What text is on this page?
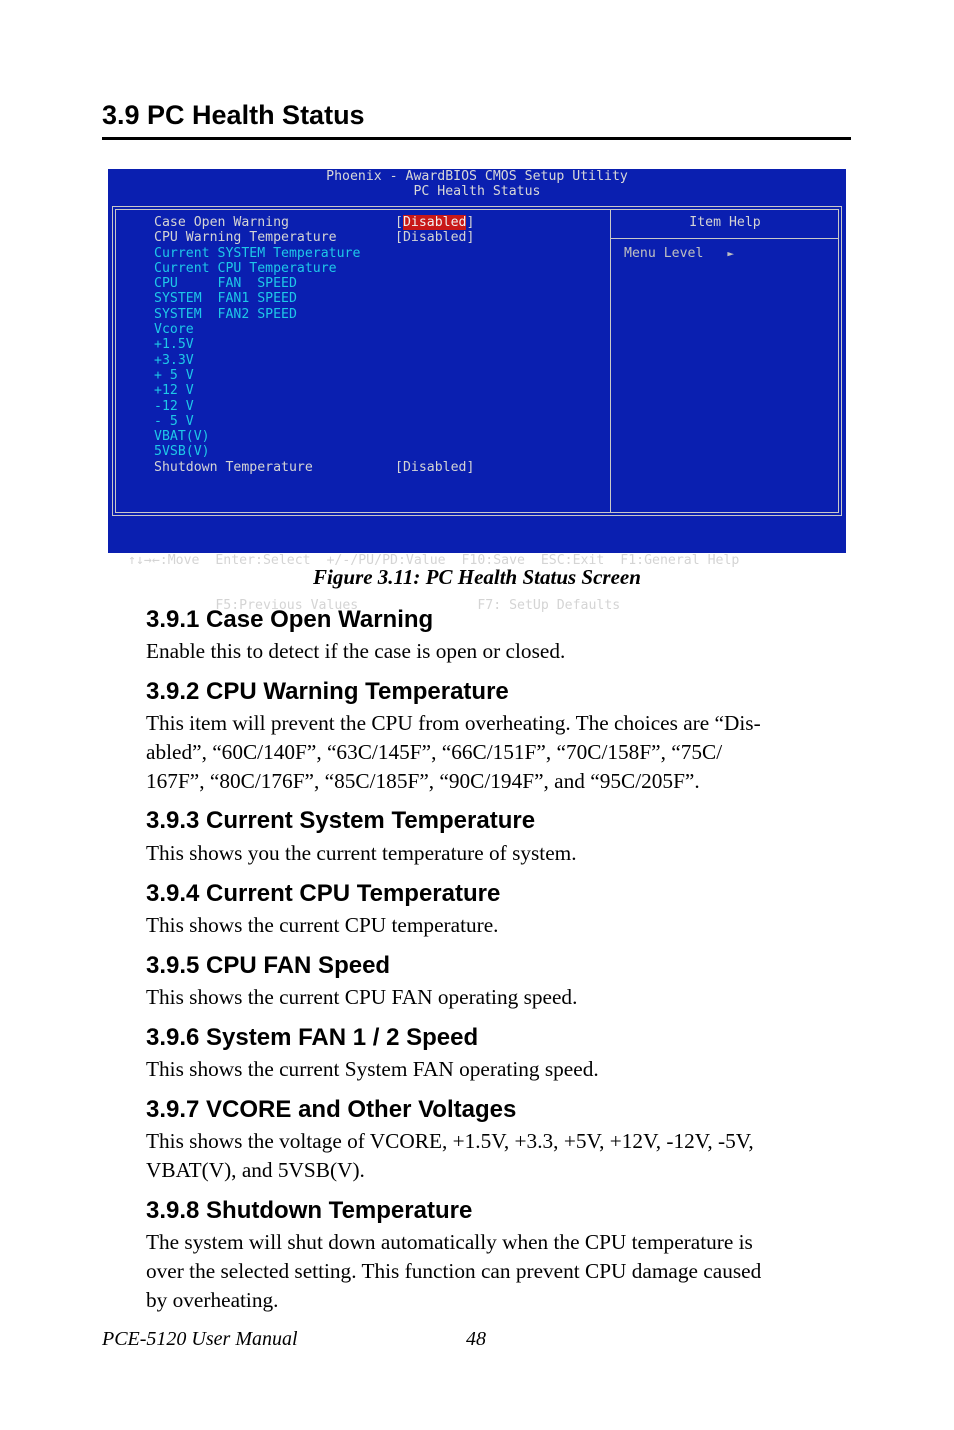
3.9 PC Health Status
Phoenix - AwardBIOS CMOS Setup Utility
PC Health Status
Case Open Warning	[Disabled]
CPU Warning Temperature	[Disabled]
Current SYSTEM Temperature
Current CPU Temperature
CPU     FAN  SPEED
SYSTEM  FAN1 SPEED
SYSTEM  FAN2 SPEED
Vcore
+1.5V
+3.3V
+ 5 V
+12 V
-12 V
- 5 V
VBAT(V)
5VSB(V)
Shutdown Temperature	[Disabled]
Item Help
Menu Level ►

↑↓→←:Move  Enter:Select  +/-/PU/PD:Value  F10:Save  ESC:Exit  F1:General Help

F5:Previous Values               F7: SetUp Defaults

Figure 3.11: PC Health Status Screen
3.9.1 Case Open Warning
Enable this to detect if the case is open or closed.
3.9.2 CPU Warning Temperature
This item will prevent the CPU from overheating. The choices are “Dis-
abled”, “60C/140F”, “63C/145F”, “66C/151F”, “70C/158F”, “75C/
167F”, “80C/176F”, “85C/185F”, “90C/194F”, and “95C/205F”.
3.9.3 Current System Temperature
This shows you the current temperature of system.
3.9.4 Current CPU Temperature
This shows the current CPU temperature.
3.9.5 CPU FAN Speed
This shows the current CPU FAN operating speed.
3.9.6 System FAN 1 / 2 Speed
This shows the current System FAN operating speed.
3.9.7 VCORE and Other Voltages
This shows the voltage of VCORE, +1.5V, +3.3, +5V, +12V, -12V, -5V,
VBAT(V), and 5VSB(V).
3.9.8 Shutdown Temperature
The system will shut down automatically when the CPU temperature is
over the selected setting. This function can prevent CPU damage caused
by overheating.
PCE-5120 User Manual	48
